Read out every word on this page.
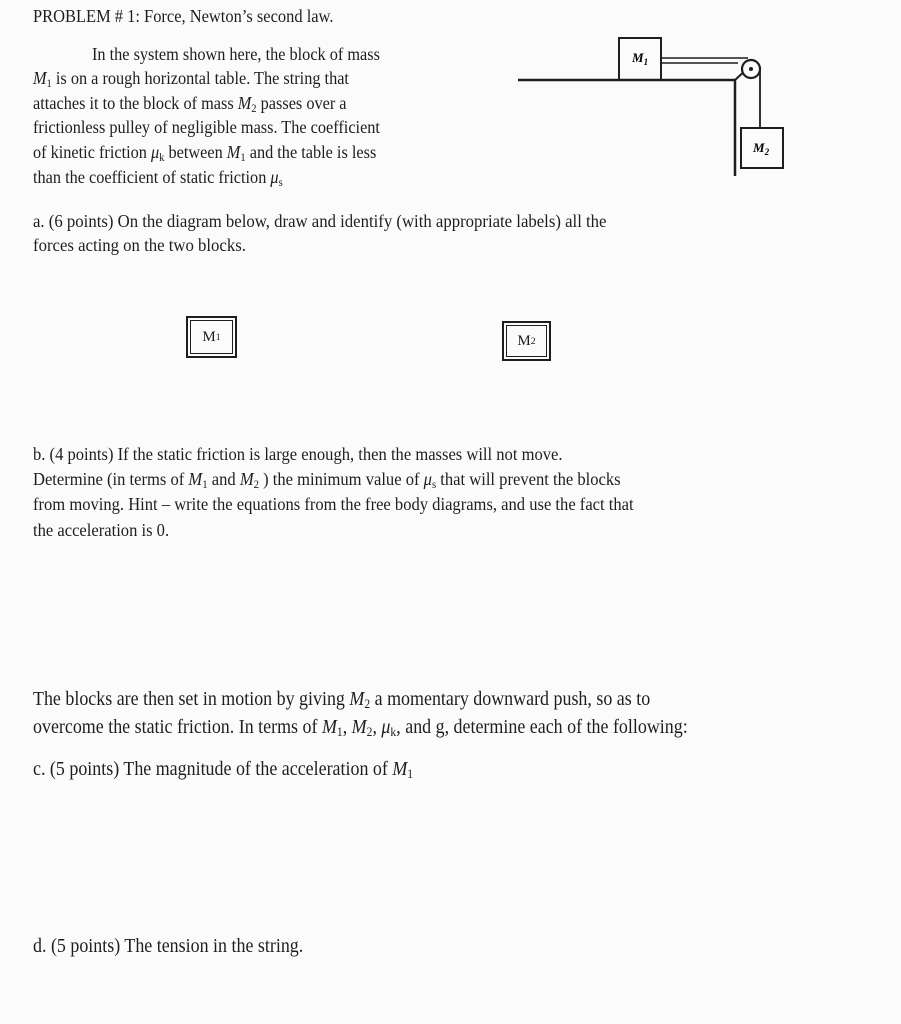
PROBLEM # 1: Force, Newton’s second law.
In the system shown here, the block of mass
$M_1$ is on a rough horizontal table. The string that
attaches it to the block of mass $M_2$ passes over a
frictionless pulley of negligible mass. The coefficient
of kinetic friction $\mu_k$ between $M_1$ and the table is less
than the coefficient of static friction $\mu_s$
$M_1$
$M_2$
a. (6 points) On the diagram below, draw and identify (with appropriate labels) all the
forces acting on the two blocks.
M 1	M 2
b. (4 points) If the static friction is large enough, then the masses will not move.
Determine (in terms of $M_1$ and $M_2$ ) the minimum value of $\mu_s$ that will prevent the blocks
from moving. Hint – write the equations from the free body diagrams, and use the fact that
the acceleration is 0.
The blocks are then set in motion by giving $M_2$ a momentary downward push, so as to
overcome the static friction. In terms of $M_1$, $M_2$, $\mu_k$, and g, determine each of the following:
c. (5 points) The magnitude of the acceleration of $M_1$
d. (5 points) The tension in the string.
